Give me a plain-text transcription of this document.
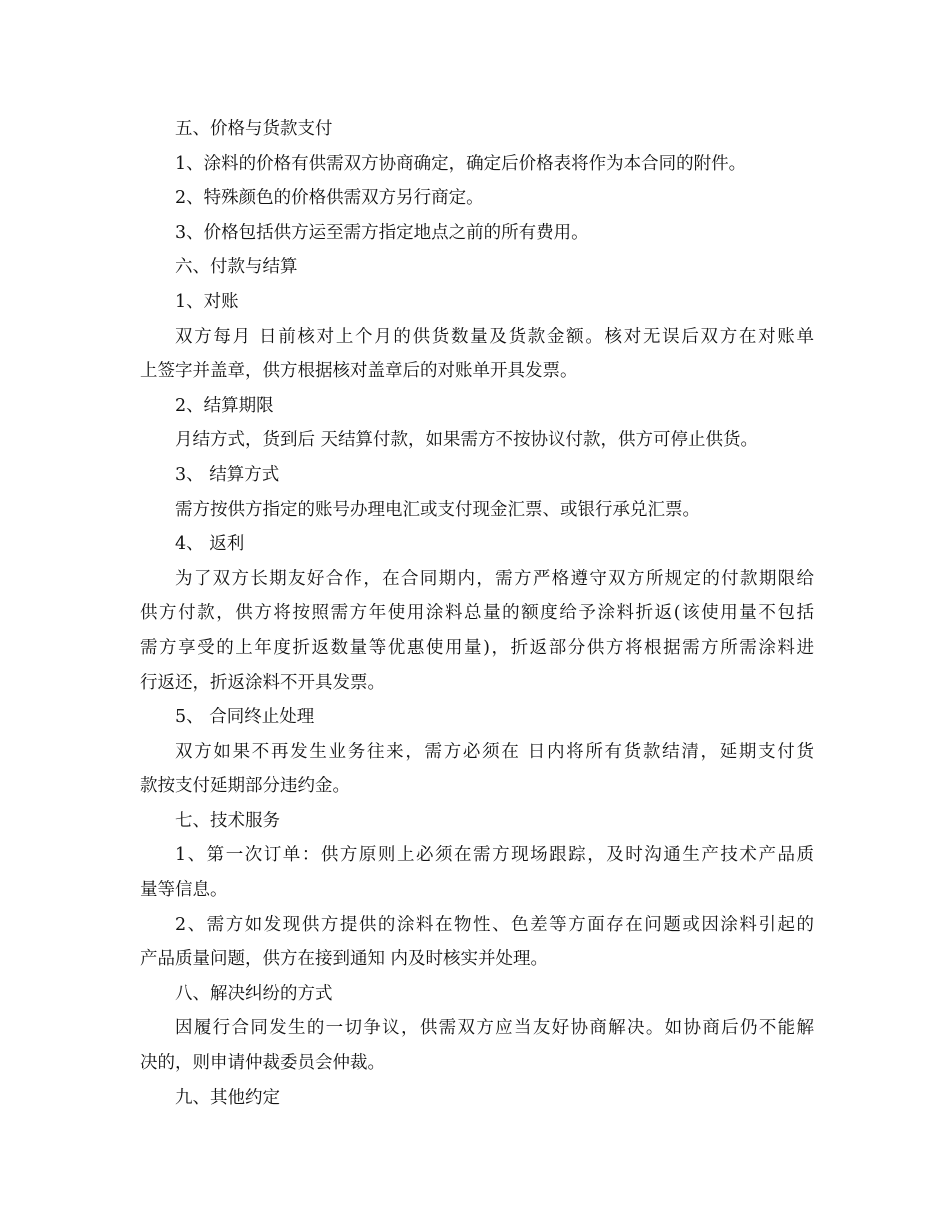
五、价格与货款支付
1、涂料的价格有供需双方协商确定，确定后价格表将作为本合同的附件。
2、特殊颜色的价格供需双方另行商定。
3、价格包括供方运至需方指定地点之前的所有费用。
六、付款与结算
1、对账
双方每月 日前核对上个月的供货数量及货款金额。核对无误后双方在对账单
上签字并盖章，供方根据核对盖章后的对账单开具发票。
2、结算期限
月结方式，货到后 天结算付款，如果需方不按协议付款，供方可停止供货。
3、 结算方式
需方按供方指定的账号办理电汇或支付现金汇票、或银行承兑汇票。
4、 返利
为了双方长期友好合作，在合同期内，需方严格遵守双方所规定的付款期限给
供方付款，供方将按照需方年使用涂料总量的额度给予涂料折返(该使用量不包括
需方享受的上年度折返数量等优惠使用量)，折返部分供方将根据需方所需涂料进
行返还，折返涂料不开具发票。
5、 合同终止处理
双方如果不再发生业务往来，需方必须在 日内将所有货款结清，延期支付货
款按支付延期部分违约金。
七、技术服务
1、第一次订单：供方原则上必须在需方现场跟踪，及时沟通生产技术产品质
量等信息。
2、需方如发现供方提供的涂料在物性、色差等方面存在问题或因涂料引起的
产品质量问题，供方在接到通知 内及时核实并处理。
八、解决纠纷的方式
因履行合同发生的一切争议，供需双方应当友好协商解决。如协商后仍不能解
决的，则申请仲裁委员会仲裁。
九、其他约定
